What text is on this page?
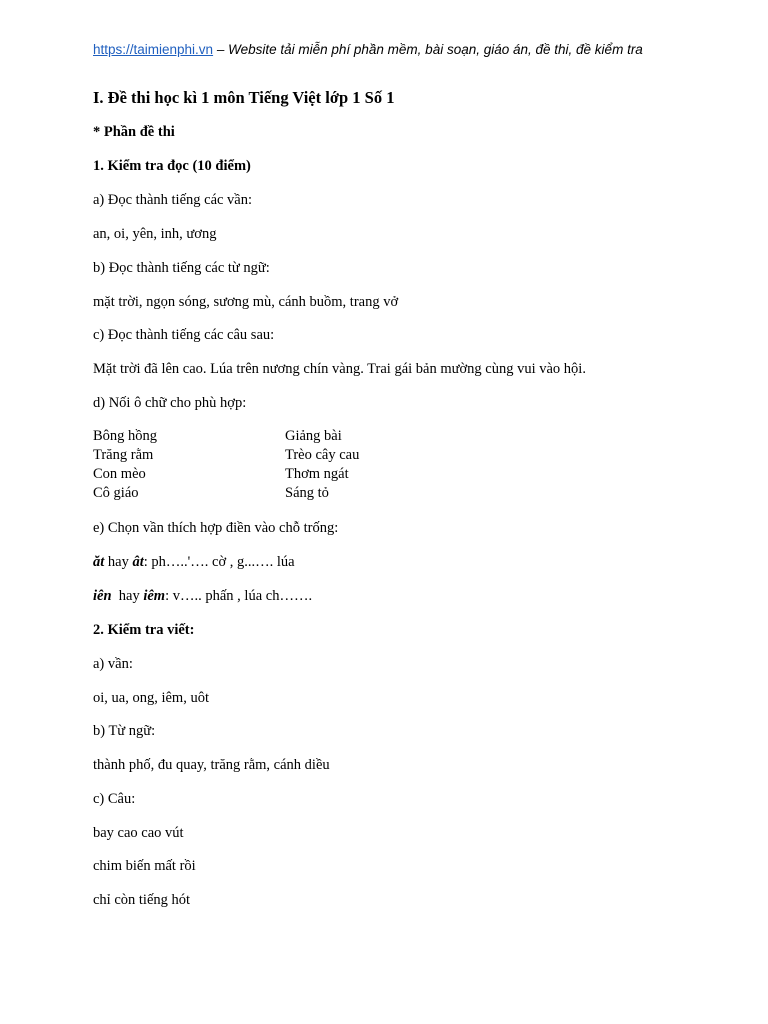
https://taimienphi.vn – Website tải miễn phí phần mềm, bài soạn, giáo án, đề thi, đề kiểm tra
I. Đề thi học kì 1 môn Tiếng Việt lớp 1 Số 1
* Phần đề thi
1. Kiểm tra đọc (10 điểm)
a) Đọc thành tiếng các vần:
an, oi, yên, inh, ương
b) Đọc thành tiếng các từ ngữ:
mặt trời, ngọn sóng, sương mù, cánh buồm, trang vở
c) Đọc thành tiếng các câu sau:
Mặt trời đã lên cao. Lúa trên nương chín vàng. Trai gái bản mường cùng vui vào hội.
d) Nối ô chữ cho phù hợp:
Bông hồng	Giảng bài
Trăng rằm	Trèo cây cau
Con mèo	Thơm ngát
Cô giáo	Sáng tỏ
e) Chọn vần thích hợp điền vào chỗ trống:
ăt hay ât: ph…..'…. cờ , g...…. lúa
iên  hay iêm: v….. phấn , lúa ch…….
2. Kiểm tra viết:
a) vần:
oi, ua, ong, iêm, uôt
b) Từ ngữ:
thành phố, đu quay, trăng rằm, cánh diều
c) Câu:
bay cao cao vút
chim biến mất rồi
chỉ còn tiếng hót
